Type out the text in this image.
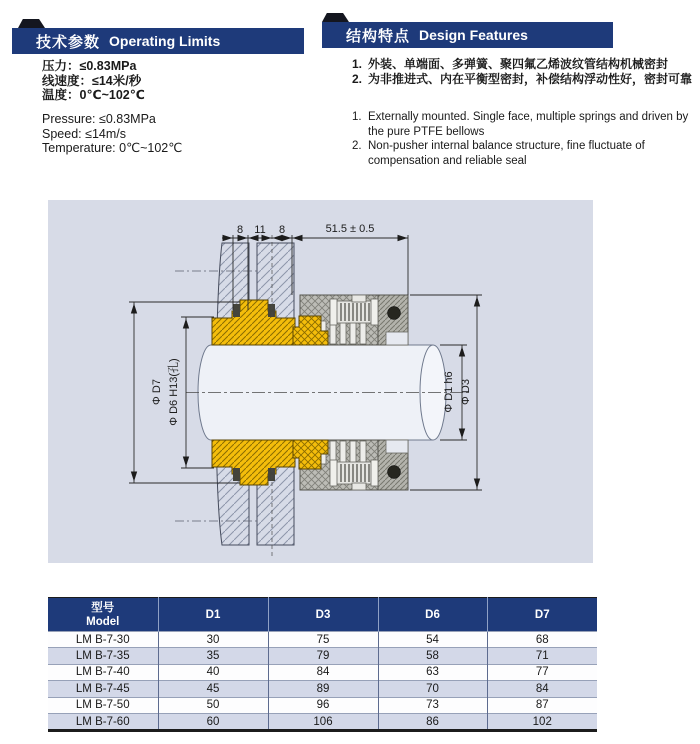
技术参数 Operating Limits	结构特点 Design Features
压力：≤0.83MPa
线速度：≤14米/秒
温度：0℃~102℃
Pressure: ≤0.83MPa
Speed: ≤14m/s
Temperature: 0℃~102℃
1. 外装、单端面、多弹簧、聚四氟乙烯波纹管结构机械密封
2. 为非推进式、内在平衡型密封，补偿结构浮动性好，密封可靠
1. Externally mounted. Single face, multiple springs and driven by the pure PTFE bellows
2. Non-pusher internal balance structure, fine fluctuate of compensation and reliable seal
8 11 8	51.5 ± 0.5
Φ D7 Φ D6 H13(孔)	Φ D1 h6 Φ D3
型号
Model	D1	D3	D6	D7
LM B-7-30	30	75	54	68
LM B-7-35	35	79	58	71
LM B-7-40	40	84	63	77
LM B-7-45	45	89	70	84
LM B-7-50	50	96	73	87
LM B-7-60	60	106	86	102
